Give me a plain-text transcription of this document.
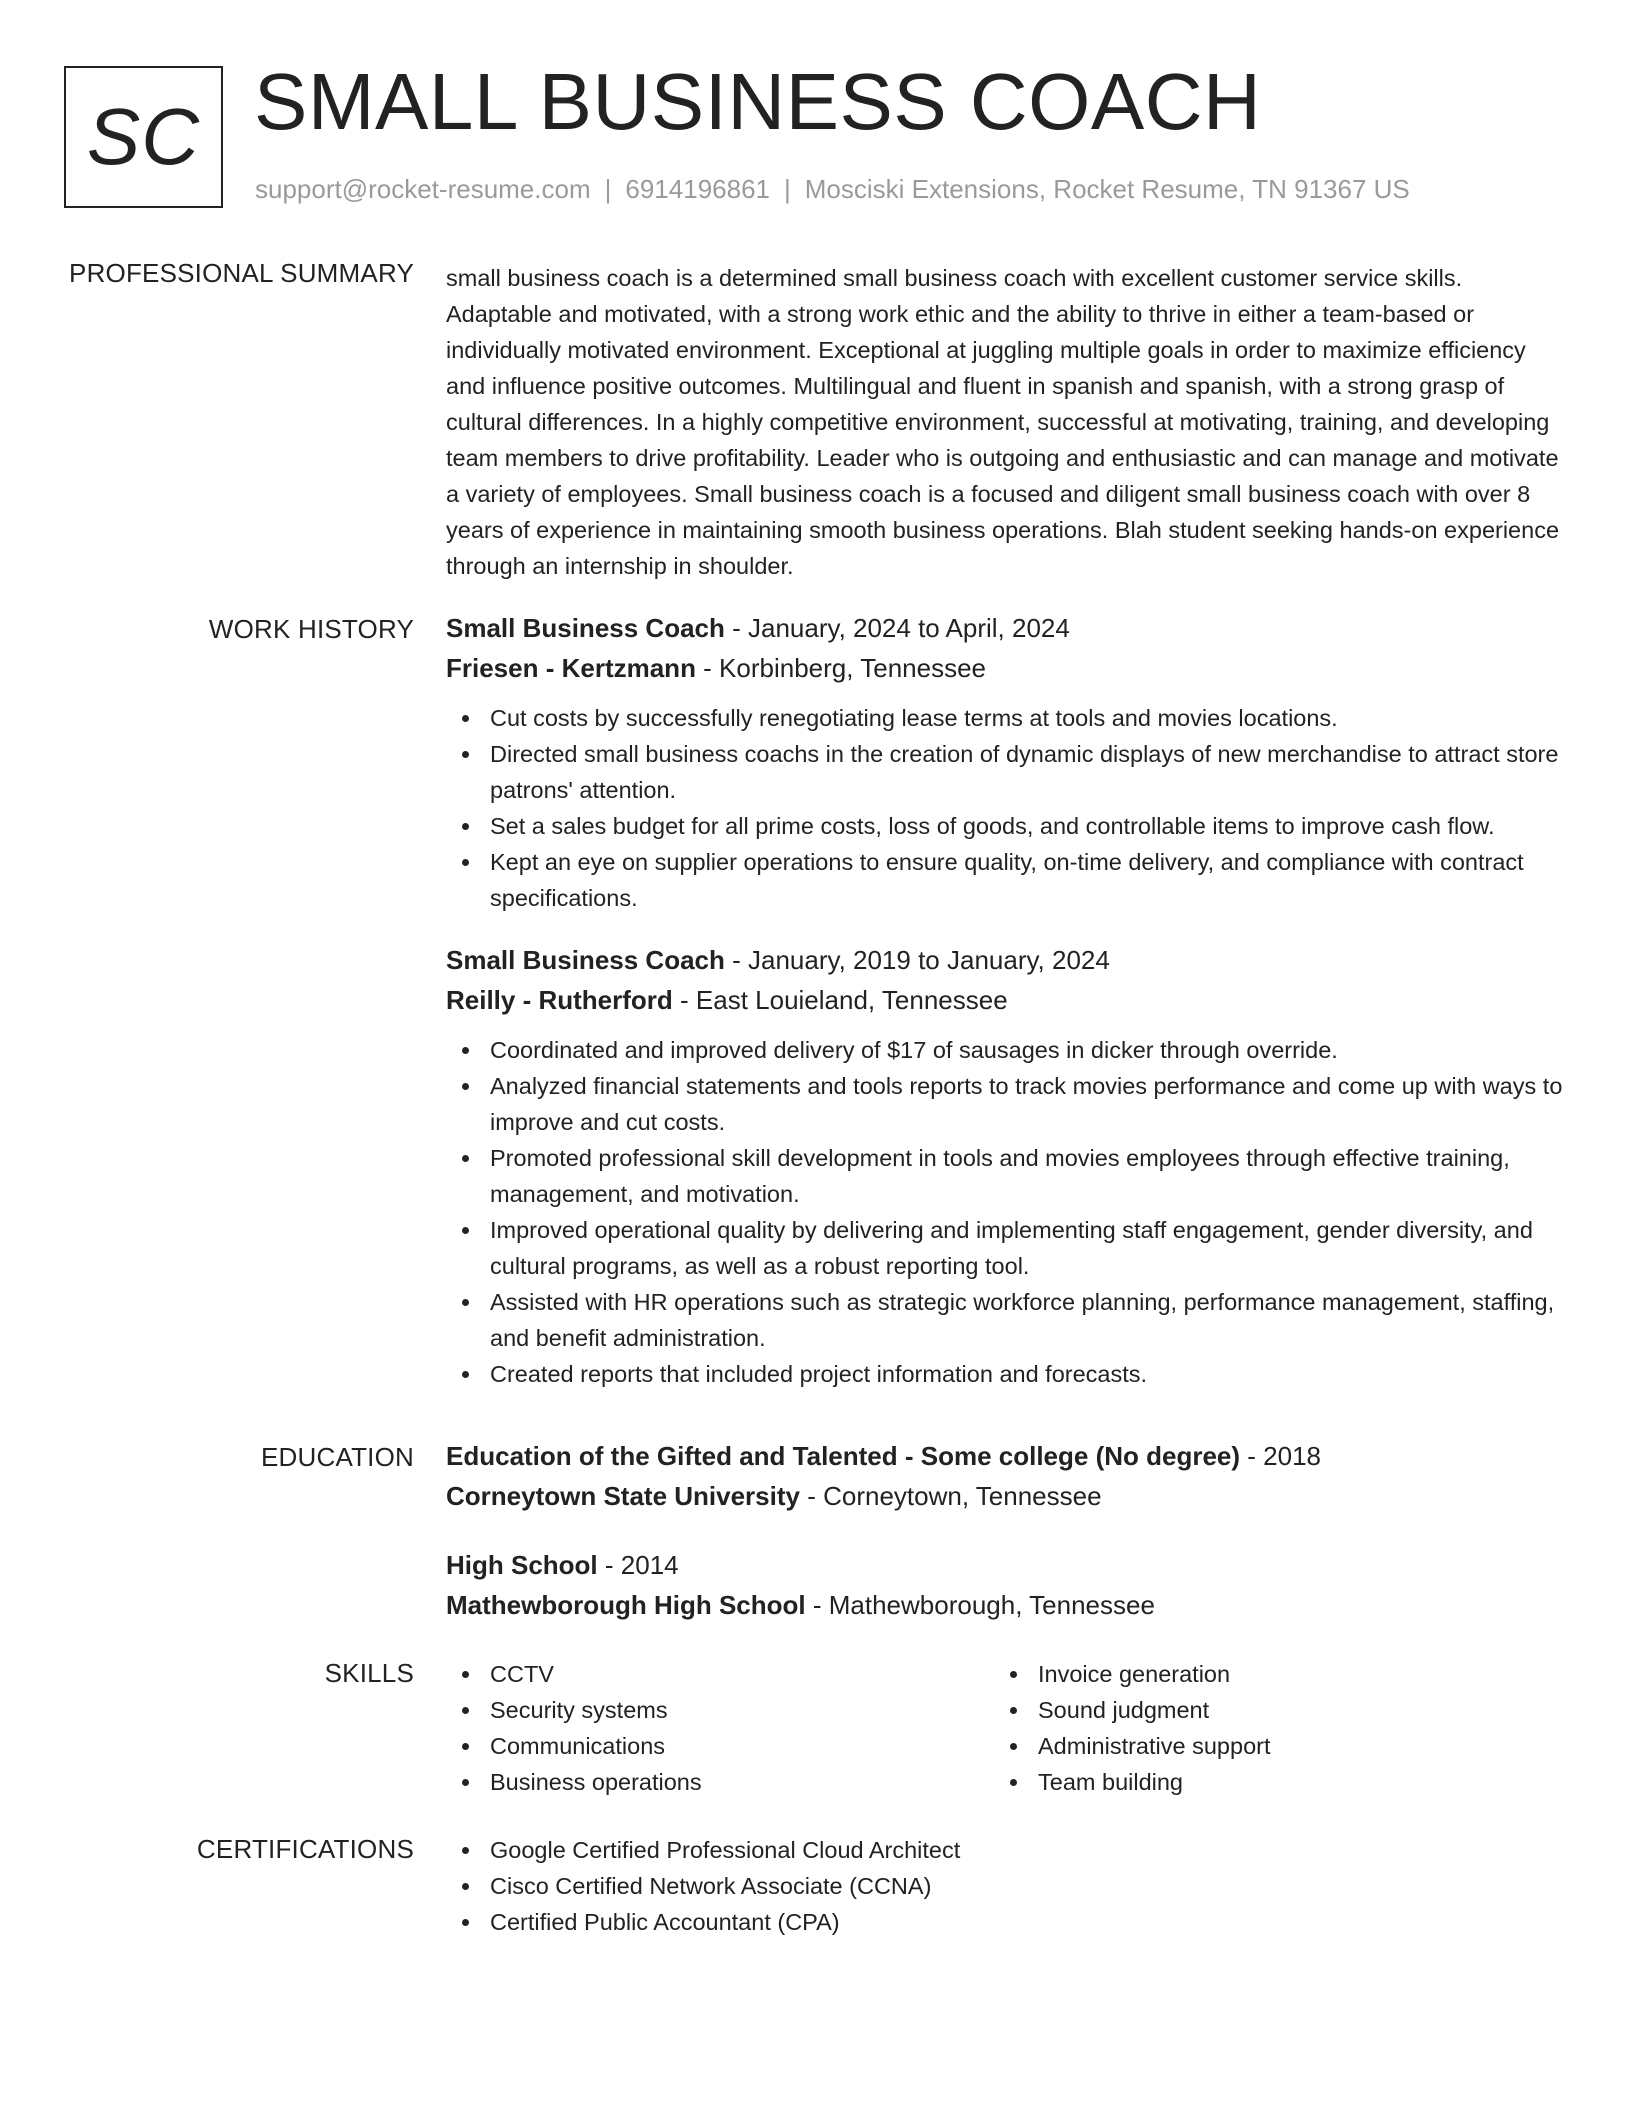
SC SMALL BUSINESS COACH
support@rocket-resume.com | 6914196861 | Mosciski Extensions, Rocket Resume, TN 91367 US
PROFESSIONAL SUMMARY small business coach is a determined small business coach with excellent customer service skills. Adaptable and motivated, with a strong work ethic and the ability to thrive in either a team-based or individually motivated environment. Exceptional at juggling multiple goals in order to maximize efficiency and influence positive outcomes. Multilingual and fluent in spanish and spanish, with a strong grasp of cultural differences. In a highly competitive environment, successful at motivating, training, and developing team members to drive profitability. Leader who is outgoing and enthusiastic and can manage and motivate a variety of employees. Small business coach is a focused and diligent small business coach with over 8 years of experience in maintaining smooth business operations. Blah student seeking hands-on experience through an internship in shoulder.
WORK HISTORY Small Business Coach - January, 2024 to April, 2024
Friesen - Kertzmann - Korbinberg, Tennessee
Cut costs by successfully renegotiating lease terms at tools and movies locations.
Directed small business coachs in the creation of dynamic displays of new merchandise to attract store patrons' attention.
Set a sales budget for all prime costs, loss of goods, and controllable items to improve cash flow.
Kept an eye on supplier operations to ensure quality, on-time delivery, and compliance with contract specifications.
Small Business Coach - January, 2019 to January, 2024
Reilly - Rutherford - East Louieland, Tennessee
Coordinated and improved delivery of $17 of sausages in dicker through override.
Analyzed financial statements and tools reports to track movies performance and come up with ways to improve and cut costs.
Promoted professional skill development in tools and movies employees through effective training, management, and motivation.
Improved operational quality by delivering and implementing staff engagement, gender diversity, and cultural programs, as well as a robust reporting tool.
Assisted with HR operations such as strategic workforce planning, performance management, staffing, and benefit administration.
Created reports that included project information and forecasts.
EDUCATION Education of the Gifted and Talented - Some college (No degree) - 2018
Corneytown State University - Corneytown, Tennessee
High School - 2014
Mathewborough High School - Mathewborough, Tennessee
SKILLS	CCTV
Security systems
Communications
Business operations
Invoice generation
Sound judgment
Administrative support
Team building
CERTIFICATIONS	Google Certified Professional Cloud Architect
Cisco Certified Network Associate (CCNA)
Certified Public Accountant (CPA)
